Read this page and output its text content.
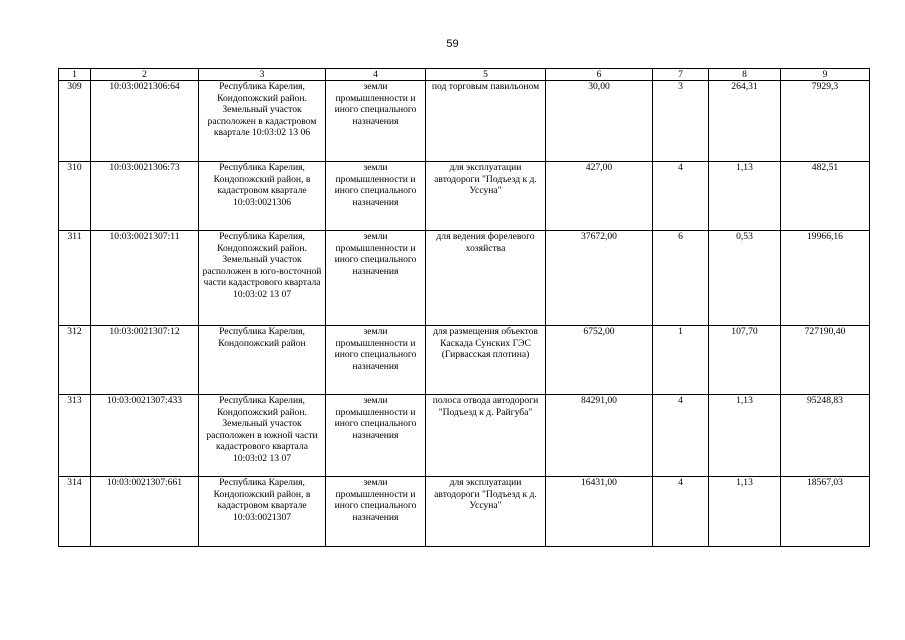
59
1	2	3	4	5	6	7	8	9
309	10:03:0021306:64	Республика Карелия, Кондопожский район. Земельный участок расположен в кадастровом квартале 10:03:02 13 06	земли промышленности и иного специального назначения	под торговым павильоном	30,00	3	264,31	7929,3
310	10:03:0021306:73	Республика Карелия, Кондопожский район, в кадастровом квартале 10:03:0021306	земли промышленности и иного специального назначения	для эксплуатации автодороги "Подъезд к д. Уссуна"	427,00	4	1,13	482,51
311	10:03:0021307:11	Республика Карелия, Кондопожский район. Земельный участок расположен в юго-восточной части кадастрового квартала 10:03:02 13 07	земли промышленности и иного специального назначения	для ведения форелевого хозяйства	37672,00	6	0,53	19966,16
312	10:03:0021307:12	Республика Карелия, Кондопожский район	земли промышленности и иного специального назначения	для размещения объектов Каскада Сунских ГЭС (Гирвасская плотина)	6752,00	1	107,70	727190,40
313	10:03:0021307:433	Республика Карелия, Кондопожский район. Земельный участок расположен в южной части кадастрового квартала 10:03:02 13 07	земли промышленности и иного специального назначения	полоса отвода автодороги "Подъезд к д. Райгуба"	84291,00	4	1,13	95248,83
314	10:03:0021307:661	Республика Карелия, Кондопожский район, в кадастровом квартале 10:03:0021307	земли промышленности и иного специального назначения	для эксплуатации автодороги "Подъезд к д. Уссуна"	16431,00	4	1,13	18567,03
